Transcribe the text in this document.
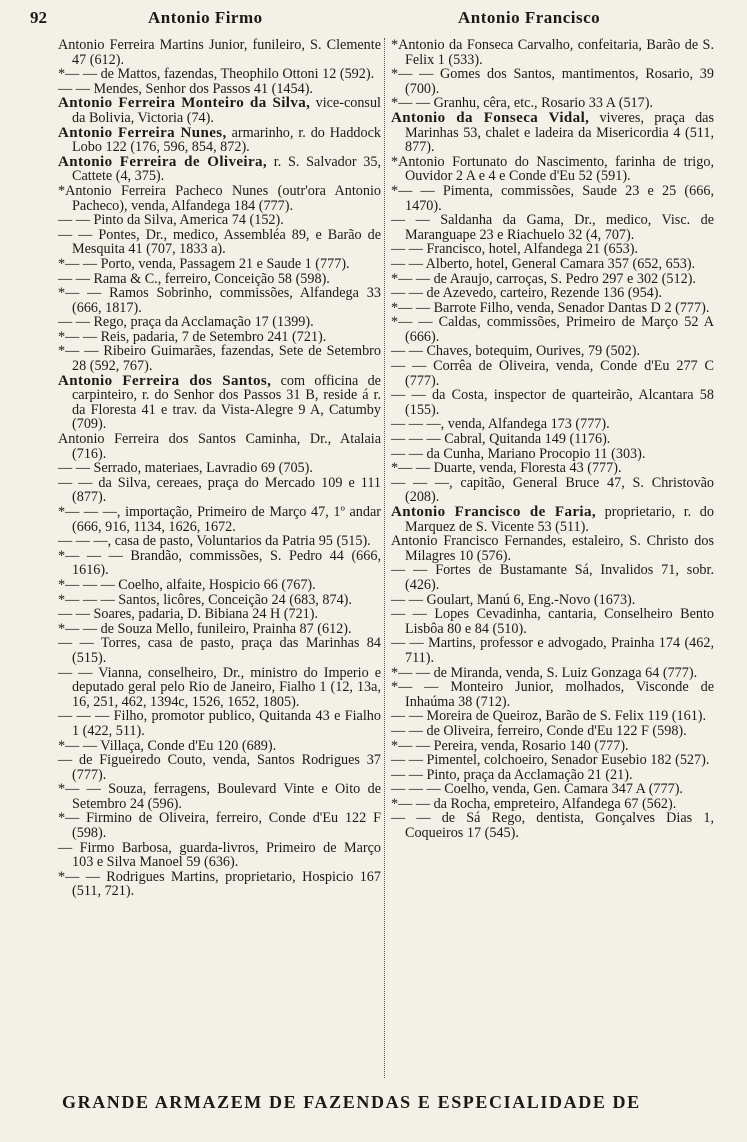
92	Antonio Firmo	Antonio Francisco

Antonio Ferreira Martins Junior, funileiro, S. Clemente 47 (612).

*— — de Mattos, fazendas, Theophilo Ottoni 12 (592).

— — Mendes, Senhor dos Passos 41 (1454).

Antonio Ferreira Monteiro da Silva, vice-consul da Bolivia, Victoria (74).

Antonio Ferreira Nunes, armarinho, r. do Haddock Lobo 122 (176, 596, 854, 872).

Antonio Ferreira de Oliveira, r. S. Salvador 35, Cattete (4, 375).

*Antonio Ferreira Pacheco Nunes (outr'ora Antonio Pacheco), venda, Alfandega 184 (777).

— — Pinto da Silva, America 74 (152).

— — Pontes, Dr., medico, Assembléa 89, e Barão de Mesquita 41 (707, 1833 a).

*— — Porto, venda, Passagem 21 e Saude 1 (777).

— — Rama & C., ferreiro, Conceição 58 (598).

*— — Ramos Sobrinho, commissões, Alfandega 33 (666, 1817).

— — Rego, praça da Acclamação 17 (1399).

*— — Reis, padaria, 7 de Setembro 241 (721).

*— — Ribeiro Guimarães, fazendas, Sete de Setembro 28 (592, 767).

Antonio Ferreira dos Santos, com officina de carpinteiro, r. do Senhor dos Passos 31 B, reside á r. da Floresta 41 e trav. da Vista-Alegre 9 A, Catumby (709).

Antonio Ferreira dos Santos Caminha, Dr., Atalaia (716).

— — Serrado, materiaes, Lavradio 69 (705).

— — da Silva, cereaes, praça do Mercado 109 e 111 (877).

*— — —, importação, Primeiro de Março 47, 1º andar (666, 916, 1134, 1626, 1672.

— — —, casa de pasto, Voluntarios da Patria 95 (515).

*— — — Brandão, commissões, S. Pedro 44 (666, 1616).

*— — — Coelho, alfaite, Hospicio 66 (767).

*— — — Santos, licôres, Conceição 24 (683, 874).

— — Soares, padaria, D. Bibiana 24 H (721).

*— — de Souza Mello, funileiro, Prainha 87 (612).

— — Torres, casa de pasto, praça das Marinhas 84 (515).

— — Vianna, conselheiro, Dr., ministro do Imperio e deputado geral pelo Rio de Janeiro, Fialho 1 (12, 13a, 16, 251, 462, 1394c, 1526, 1652, 1805).

— — — Filho, promotor publico, Quitanda 43 e Fialho 1 (422, 511).

*— — Villaça, Conde d'Eu 120 (689).

— de Figueiredo Couto, venda, Santos Rodrigues 37 (777).

*— — Souza, ferragens, Boulevard Vinte e Oito de Setembro 24 (596).

*— Firmino de Oliveira, ferreiro, Conde d'Eu 122 F (598).

— Firmo Barbosa, guarda-livros, Primeiro de Março 103 e Silva Manoel 59 (636).

*— — Rodrigues Martins, proprietario, Hospicio 167 (511, 721).

*Antonio da Fonseca Carvalho, confeitaria, Barão de S. Felix 1 (533).

*— — Gomes dos Santos, mantimentos, Rosario, 39 (700).

*— — Granhu, cêra, etc., Rosario 33 A (517).

Antonio da Fonseca Vidal, viveres, praça das Marinhas 53, chalet e ladeira da Misericordia 4 (511, 877).

*Antonio Fortunato do Nascimento, farinha de trigo, Ouvidor 2 A e 4 e Conde d'Eu 52 (591).

*— — Pimenta, commissões, Saude 23 e 25 (666, 1470).

— — Saldanha da Gama, Dr., medico, Visc. de Maranguape 23 e Riachuelo 32 (4, 707).

— — Francisco, hotel, Alfandega 21 (653).

— — Alberto, hotel, General Camara 357 (652, 653).

*— — de Araujo, carroças, S. Pedro 297 e 302 (512).

— — de Azevedo, carteiro, Rezende 136 (954).

*— — Barrote Filho, venda, Senador Dantas D 2 (777).

*— — Caldas, commissões, Primeiro de Março 52 A (666).

— — Chaves, botequim, Ourives, 79 (502).

— — Corrêa de Oliveira, venda, Conde d'Eu 277 C (777).

— — da Costa, inspector de quarteirão, Alcantara 58 (155).

— — —, venda, Alfandega 173 (777).

— — — Cabral, Quitanda 149 (1176).

— — da Cunha, Mariano Procopio 11 (303).

*— — Duarte, venda, Floresta 43 (777).

— — —, capitão, General Bruce 47, S. Christovão (208).

Antonio Francisco de Faria, proprietario, r. do Marquez de S. Vicente 53 (511).

Antonio Francisco Fernandes, estaleiro, S. Christo dos Milagres 10 (576).

— — Fortes de Bustamante Sá, Invalidos 71, sobr. (426).

— — Goulart, Manú 6, Eng.-Novo (1673).

— — Lopes Cevadinha, cantaria, Conselheiro Bento Lisbôa 80 e 84 (510).

— — Martins, professor e advogado, Prainha 174 (462, 711).

*— — de Miranda, venda, S. Luiz Gonzaga 64 (777).

*— — Monteiro Junior, molhados, Visconde de Inhaúma 38 (712).

— — Moreira de Queiroz, Barão de S. Felix 119 (161).

— — de Oliveira, ferreiro, Conde d'Eu 122 F (598).

*— — Pereira, venda, Rosario 140 (777).

— — Pimentel, colchoeiro, Senador Eusebio 182 (527).

— — Pinto, praça da Acclamação 21 (21).

— — — Coelho, venda, Gen. Camara 347 A (777).

*— — da Rocha, empreteiro, Alfandega 67 (562).

— — de Sá Rego, dentista, Gonçalves Dias 1, Coqueiros 17 (545).

GRANDE ARMAZEM DE FAZENDAS E ESPECIALIDADE DE
